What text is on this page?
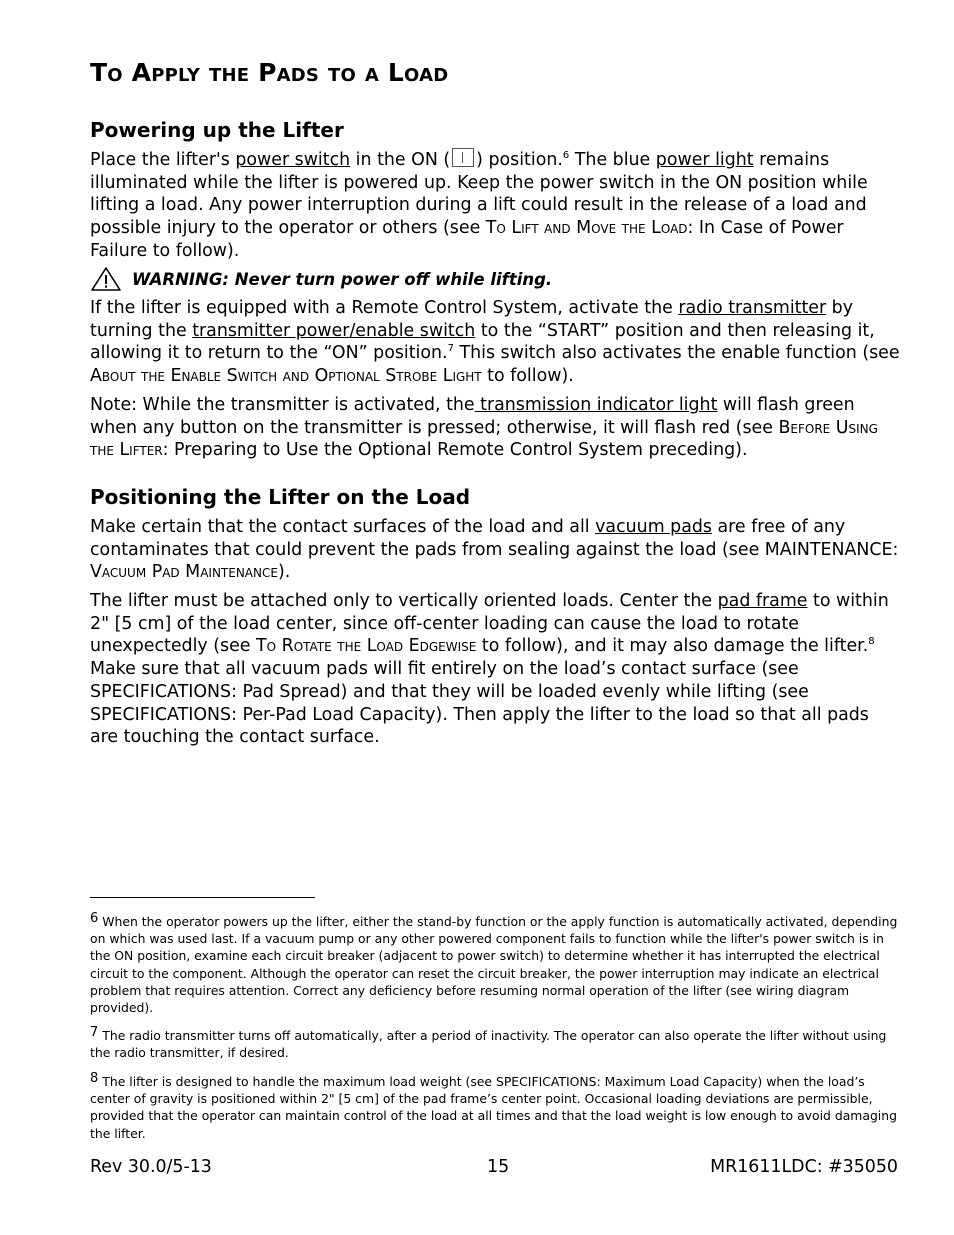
To Apply the Pads to a Load
Powering up the Lifter

Place the lifter's power switch in the ON ( ) position.$^6$ The blue power light remains illuminated while the lifter is powered up. Keep the power switch in the ON position while lifting a load. Any power interruption during a lift could result in the release of a load and possible injury to the operator or others (see To Lift and Move the Load: In Case of Power Failure to follow).

WARNING: Never turn power off while lifting.

If the lifter is equipped with a Remote Control System, activate the radio transmitter by turning the transmitter power/enable switch to the “START” position and then releasing it, allowing it to return to the “ON” position.$^7$ This switch also activates the enable function (see About the Enable Switch and Optional Strobe Light to follow).

Note: While the transmitter is activated, the transmission indicator light will flash green when any button on the transmitter is pressed; otherwise, it will flash red (see Before Using the Lifter: Preparing to Use the Optional Remote Control System preceding).

Positioning the Lifter on the Load

Make certain that the contact surfaces of the load and all vacuum pads are free of any contaminates that could prevent the pads from sealing against the load (see MAINTENANCE: Vacuum Pad Maintenance).

The lifter must be attached only to vertically oriented loads. Center the pad frame to within 2" [5 cm] of the load center, since off-center loading can cause the load to rotate unexpectedly (see To Rotate the Load Edgewise to follow), and it may also damage the lifter.$^8$ Make sure that all vacuum pads will fit entirely on the load’s contact surface (see SPECIFICATIONS: Pad Spread) and that they will be loaded evenly while lifting (see SPECIFICATIONS: Per-Pad Load Capacity). Then apply the lifter to the load so that all pads are touching the contact surface.

6 When the operator powers up the lifter, either the stand-by function or the apply function is automatically activated, depending on which was used last. If a vacuum pump or any other powered component fails to function while the lifter's power switch is in the ON position, examine each circuit breaker (adjacent to power switch) to determine whether it has interrupted the electrical circuit to the component. Although the operator can reset the circuit breaker, the power interruption may indicate an electrical problem that requires attention. Correct any deficiency before resuming normal operation of the lifter (see wiring diagram provided).
7 The radio transmitter turns off automatically, after a period of inactivity. The operator can also operate the lifter without using the radio transmitter, if desired.
8 The lifter is designed to handle the maximum load weight (see SPECIFICATIONS: Maximum Load Capacity) when the load’s center of gravity is positioned within 2" [5 cm] of the pad frame’s center point. Occasional loading deviations are permissible, provided that the operator can maintain control of the load at all times and that the load weight is low enough to avoid damaging the lifter.
Rev 30.0/5-13	15	MR1611LDC: #35050
